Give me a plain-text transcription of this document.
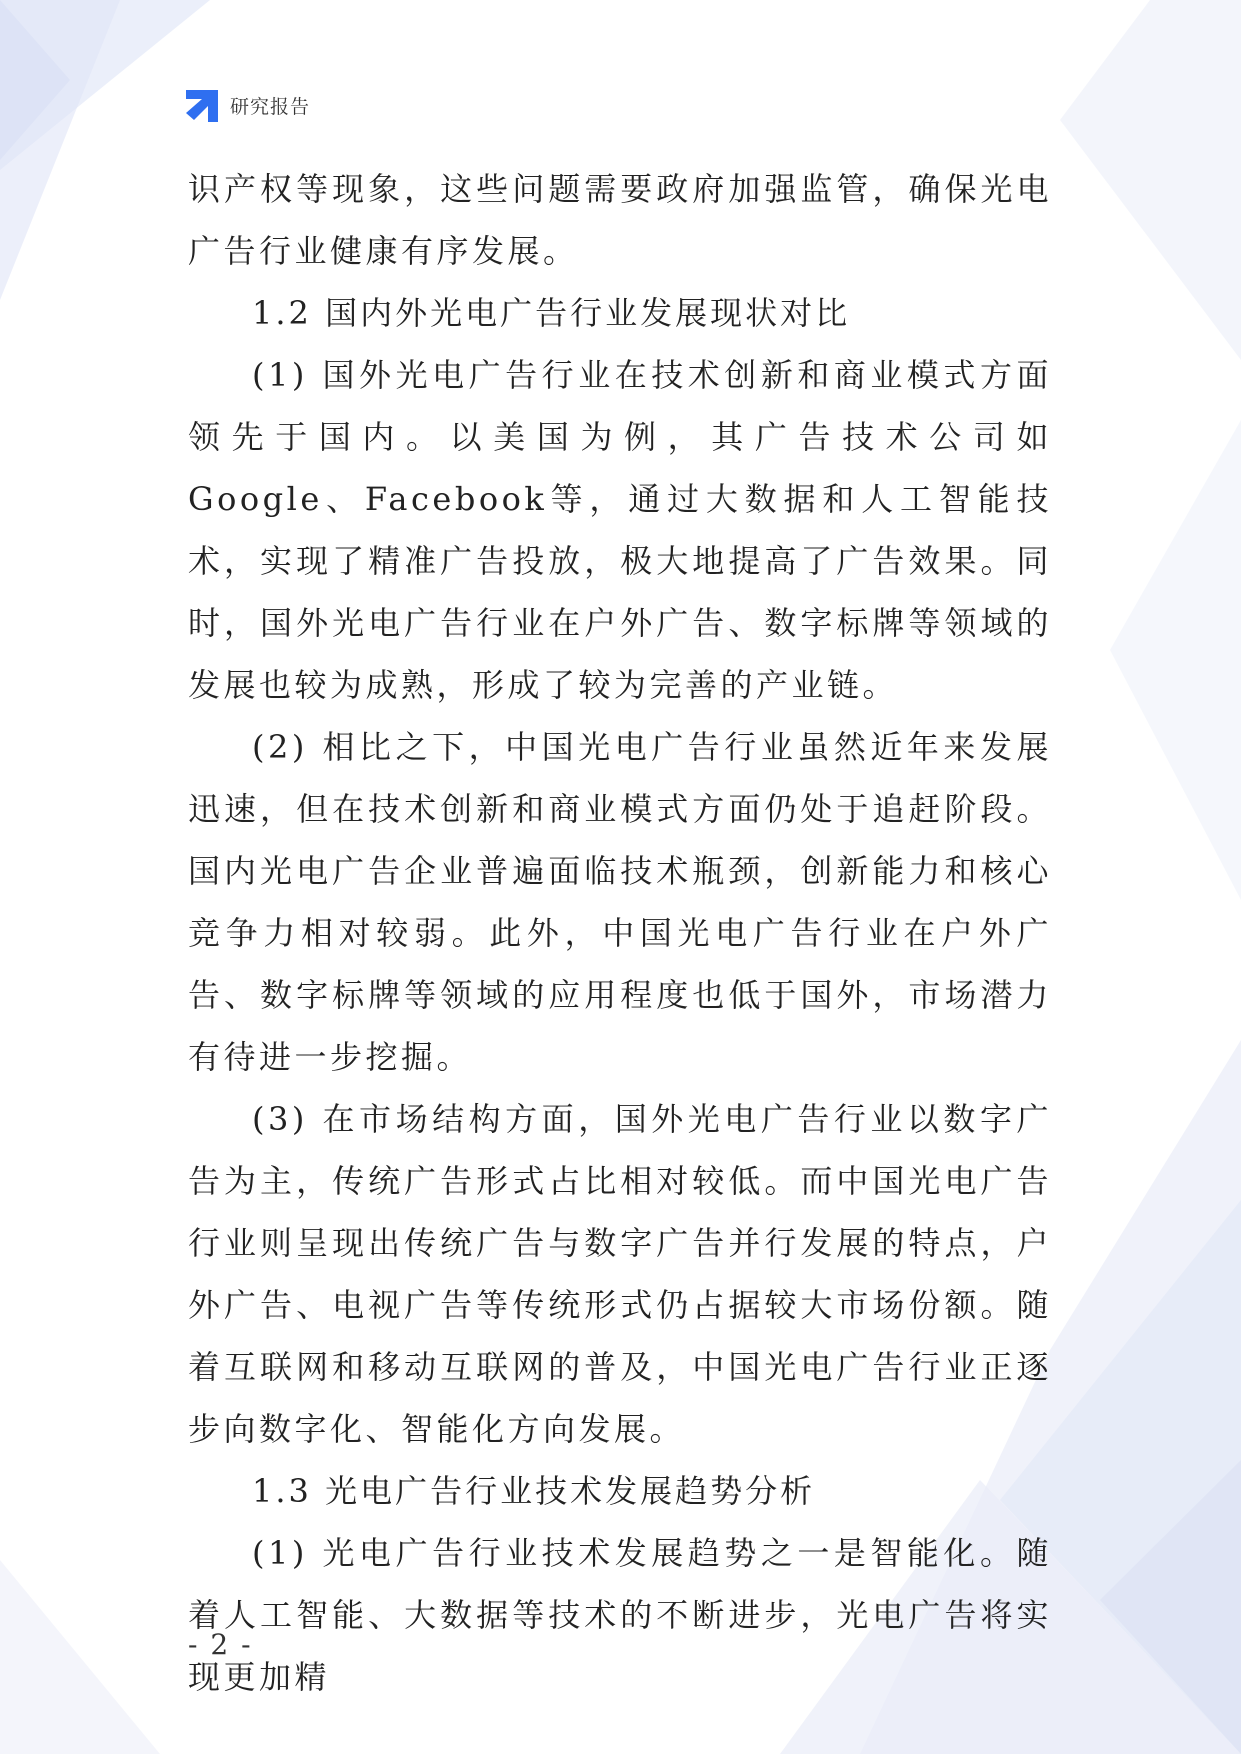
研究报告

识产权等现象，这些问题需要政府加强监管，确保光电广告行业健康有序发展。

1.2 国内外光电广告行业发展现状对比

(1) 国外光电广告行业在技术创新和商业模式方面领先于国内。以美国为例，其广告技术公司如Google、Facebook等，通过大数据和人工智能技术，实现了精准广告投放，极大地提高了广告效果。同时，国外光电广告行业在户外广告、数字标牌等领域的发展也较为成熟，形成了较为完善的产业链。

(2) 相比之下，中国光电广告行业虽然近年来发展迅速，但在技术创新和商业模式方面仍处于追赶阶段。国内光电广告企业普遍面临技术瓶颈，创新能力和核心竞争力相对较弱。此外，中国光电广告行业在户外广告、数字标牌等领域的应用程度也低于国外，市场潜力有待进一步挖掘。

(3) 在市场结构方面，国外光电广告行业以数字广告为主，传统广告形式占比相对较低。而中国光电广告行业则呈现出传统广告与数字广告并行发展的特点，户外广告、电视广告等传统形式仍占据较大市场份额。随着互联网和移动互联网的普及，中国光电广告行业正逐步向数字化、智能化方向发展。

1.3 光电广告行业技术发展趋势分析

(1) 光电广告行业技术发展趋势之一是智能化。随着人工智能、大数据等技术的不断进步，光电广告将实现更加精

- 2 -
